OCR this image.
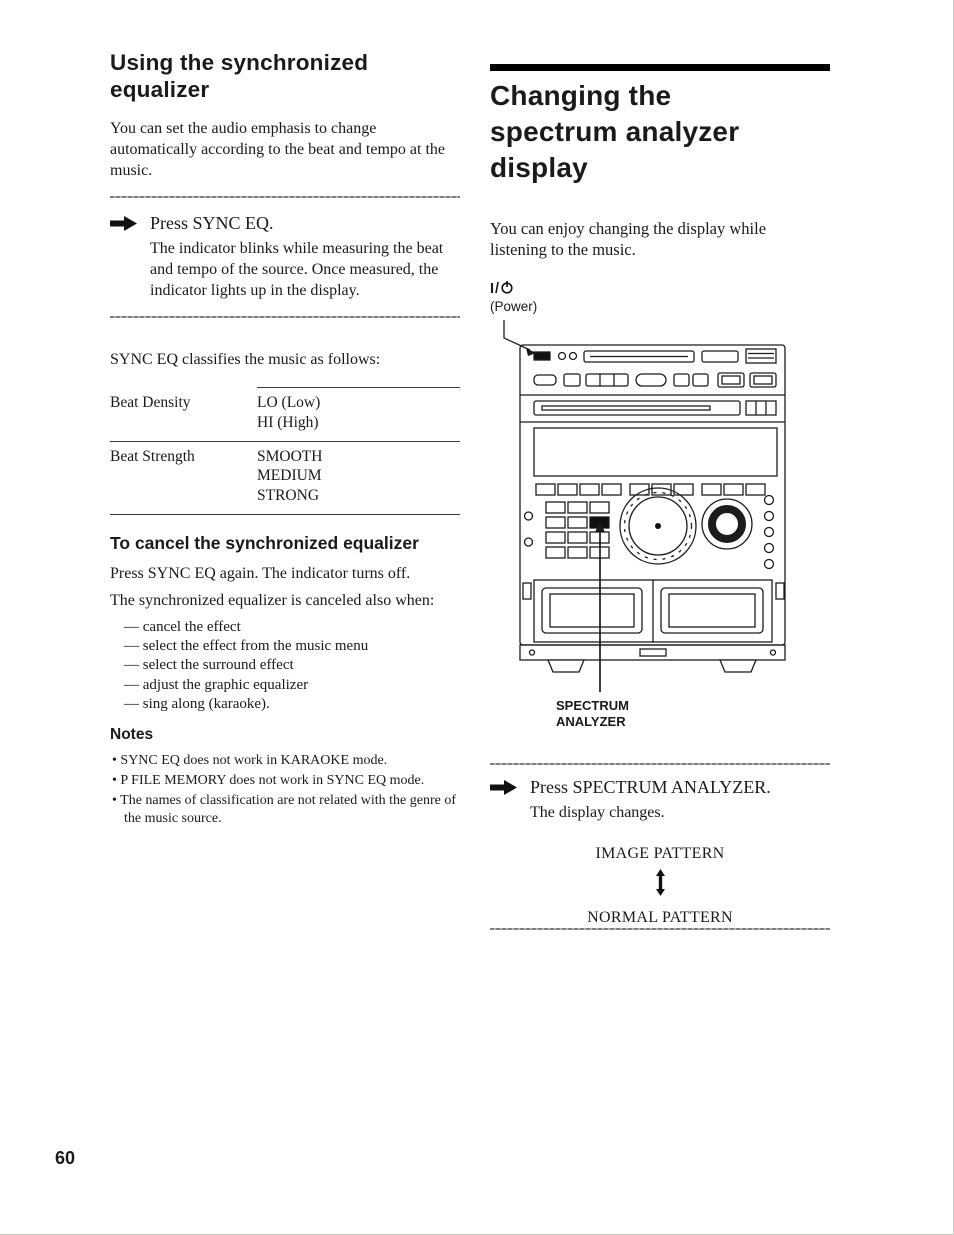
Using the synchronized equalizer

You can set the audio emphasis to change automatically according to the beat and tempo at the music.

Press SYNC EQ.

The indicator blinks while measuring the beat and tempo of the source. Once measured, the indicator lights up in the display.

SYNC EQ classifies the music as follows:

Beat Density	LO (Low)
HI (High)

Beat Strength	SMOOTH
MEDIUM
STRONG
To cancel the synchronized equalizer

Press SYNC EQ again. The indicator turns off.

The synchronized equalizer is canceled also when:

— cancel the effect
— select the effect from the music menu
— select the surround effect
— adjust the graphic equalizer
— sing along (karaoke).
Notes
• SYNC EQ does not work in KARAOKE mode.
• P FILE MEMORY does not work in SYNC EQ mode.
• The names of classification are not related with the genre of the music source.
Changing the spectrum analyzer display

You can enjoy changing the display while listening to the music.

I/
(Power)
SPECTRUM
ANALYZER

Press SPECTRUM ANALYZER.

The display changes.

IMAGE PATTERN
NORMAL PATTERN
60
